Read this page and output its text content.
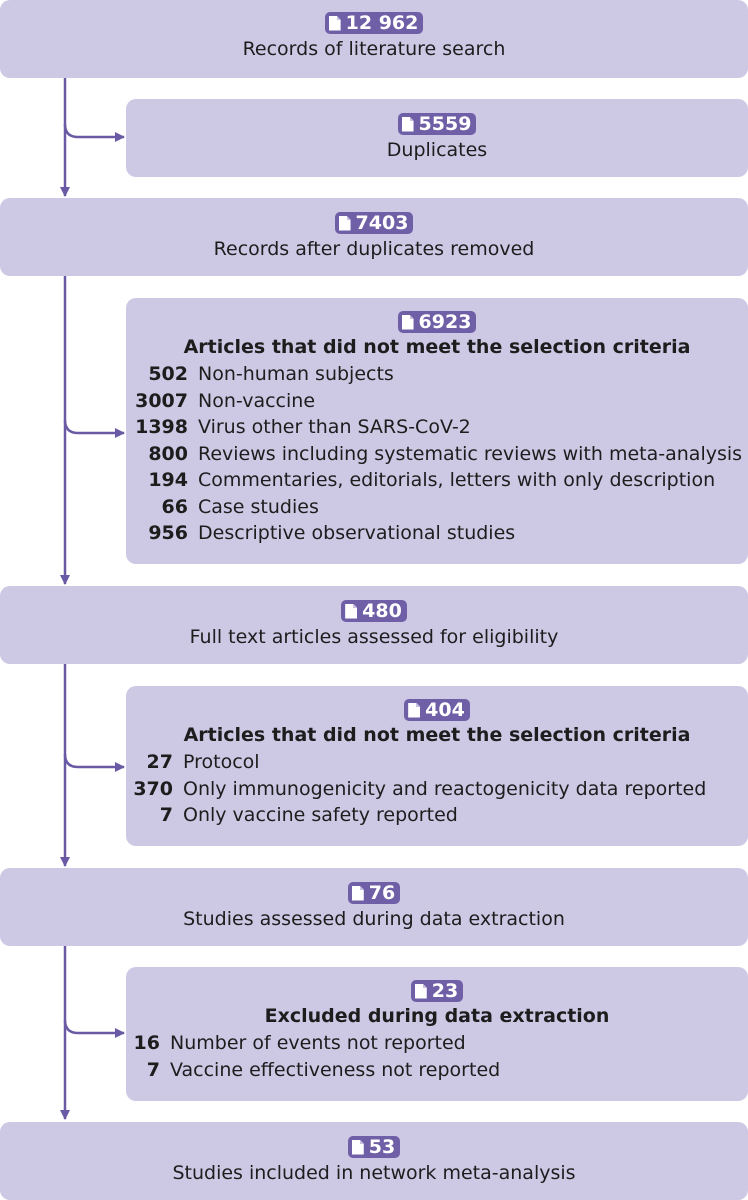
12 962
Records of literature search
5559
Duplicates
7403
Records after duplicates removed
6923
Articles that did not meet the selection criteria
502 Non-human subjects
3007 Non-vaccine
1398 Virus other than SARS-CoV-2
800 Reviews including systematic reviews with meta-analysis
194 Commentaries, editorials, letters with only description
66 Case studies
956 Descriptive observational studies
480
Full text articles assessed for eligibility
404
Articles that did not meet the selection criteria
27 Protocol
370 Only immunogenicity and reactogenicity data reported
7 Only vaccine safety reported
76
Studies assessed during data extraction
23
Excluded during data extraction
16 Number of events not reported
7 Vaccine effectiveness not reported
53
Studies included in network meta-analysis
